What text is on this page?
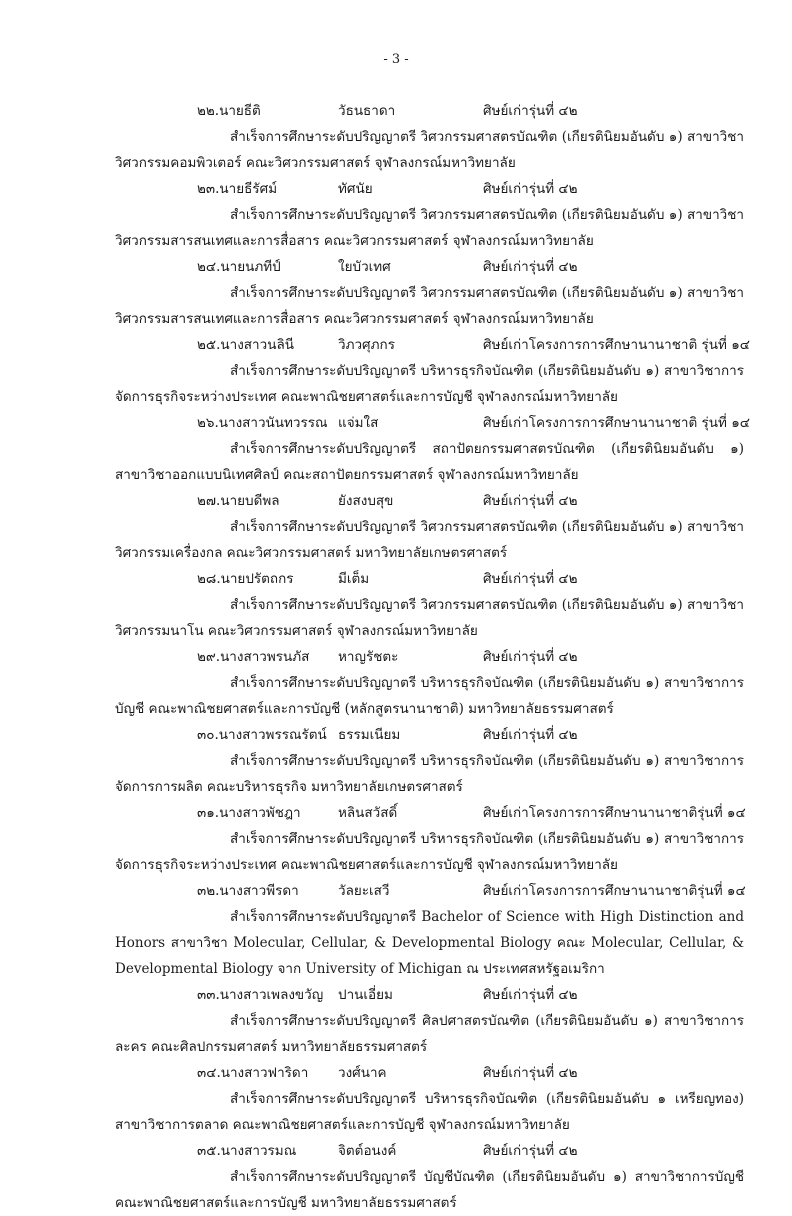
- 3 -
๒๒.นายธีติ	วัธนธาดา	ศิษย์เก่ารุ่นที่ ๔๒

สำเร็จการศึกษาระดับปริญญาตรี วิศวกรรมศาสตรบัณฑิต (เกียรตินิยมอันดับ ๑) สาขาวิชาวิศวกรรมคอมพิวเตอร์ คณะวิศวกรรมศาสตร์ จุฬาลงกรณ์มหาวิทยาลัย

๒๓.นายธีรัศม์	ทัศนัย	ศิษย์เก่ารุ่นที่ ๔๒

สำเร็จการศึกษาระดับปริญญาตรี วิศวกรรมศาสตรบัณฑิต (เกียรตินิยมอันดับ ๑) สาขาวิชาวิศวกรรมสารสนเทศและการสื่อสาร คณะวิศวกรรมศาสตร์ จุฬาลงกรณ์มหาวิทยาลัย

๒๔.นายนภทีป์	ใยบัวเทศ	ศิษย์เก่ารุ่นที่ ๔๒

สำเร็จการศึกษาระดับปริญญาตรี วิศวกรรมศาสตรบัณฑิต (เกียรตินิยมอันดับ ๑) สาขาวิชาวิศวกรรมสารสนเทศและการสื่อสาร คณะวิศวกรรมศาสตร์ จุฬาลงกรณ์มหาวิทยาลัย

๒๕.นางสาวนลินี	วิภวศุภกร	ศิษย์เก่าโครงการการศึกษานานาชาติ รุ่นที่ ๑๔

สำเร็จการศึกษาระดับปริญญาตรี บริหารธุรกิจบัณฑิต (เกียรตินิยมอันดับ ๑) สาขาวิชาการจัดการธุรกิจระหว่างประเทศ คณะพาณิชยศาสตร์และการบัญชี จุฬาลงกรณ์มหาวิทยาลัย

๒๖.นางสาวนันทวรรณ แจ่มใส	ศิษย์เก่าโครงการการศึกษานานาชาติ รุ่นที่ ๑๔

สำเร็จการศึกษาระดับปริญญาตรี สถาปัตยกรรมศาสตรบัณฑิต (เกียรตินิยมอันดับ ๑) สาขาวิชาออกแบบนิเทศศิลป์ คณะสถาปัตยกรรมศาสตร์ จุฬาลงกรณ์มหาวิทยาลัย

๒๗.นายบดีพล	ยังสงบสุข	ศิษย์เก่ารุ่นที่ ๔๒

สำเร็จการศึกษาระดับปริญญาตรี วิศวกรรมศาสตรบัณฑิต (เกียรตินิยมอันดับ ๑) สาขาวิชาวิศวกรรมเครื่องกล คณะวิศวกรรมศาสตร์ มหาวิทยาลัยเกษตรศาสตร์

๒๘.นายปรัตถกร	มีเต็ม	ศิษย์เก่ารุ่นที่ ๔๒

สำเร็จการศึกษาระดับปริญญาตรี วิศวกรรมศาสตรบัณฑิต (เกียรตินิยมอันดับ ๑) สาขาวิชาวิศวกรรมนาโน คณะวิศวกรรมศาสตร์ จุฬาลงกรณ์มหาวิทยาลัย

๒๙.นางสาวพรนภัส หาญรัชตะ	ศิษย์เก่ารุ่นที่ ๔๒

สำเร็จการศึกษาระดับปริญญาตรี บริหารธุรกิจบัณฑิต (เกียรตินิยมอันดับ ๑) สาขาวิชาการบัญชี คณะพาณิชยศาสตร์และการบัญชี (หลักสูตรนานาชาติ) มหาวิทยาลัยธรรมศาสตร์

๓๐.นางสาวพรรณรัตน์ ธรรมเนียม	ศิษย์เก่ารุ่นที่ ๔๒

สำเร็จการศึกษาระดับปริญญาตรี บริหารธุรกิจบัณฑิต (เกียรตินิยมอันดับ ๑) สาขาวิชาการจัดการการผลิต คณะบริหารธุรกิจ มหาวิทยาลัยเกษตรศาสตร์

๓๑.นางสาวพัชฎา	หลินสวัสดิ์	ศิษย์เก่าโครงการการศึกษานานาชาติรุ่นที่ ๑๔

สำเร็จการศึกษาระดับปริญญาตรี บริหารธุรกิจบัณฑิต (เกียรตินิยมอันดับ ๑) สาขาวิชาการจัดการธุรกิจระหว่างประเทศ คณะพาณิชยศาสตร์และการบัญชี จุฬาลงกรณ์มหาวิทยาลัย

๓๒.นางสาวพีรดา	วัลยะเสวี	ศิษย์เก่าโครงการการศึกษานานาชาติรุ่นที่ ๑๔

สำเร็จการศึกษาระดับปริญญาตรี Bachelor of Science with High Distinction and Honors สาขาวิชา Molecular, Cellular, & Developmental Biology คณะ Molecular, Cellular, & Developmental Biology จาก University of Michigan ณ ประเทศสหรัฐอเมริกา

๓๓.นางสาวเพลงขวัญ ปานเอี่ยม	ศิษย์เก่ารุ่นที่ ๔๒

สำเร็จการศึกษาระดับปริญญาตรี ศิลปศาสตรบัณฑิต (เกียรตินิยมอันดับ ๑) สาขาวิชาการละคร คณะศิลปกรรมศาสตร์ มหาวิทยาลัยธรรมศาสตร์

๓๔.นางสาวฟาริดา วงศ์นาค	ศิษย์เก่ารุ่นที่ ๔๒

สำเร็จการศึกษาระดับปริญญาตรี บริหารธุรกิจบัณฑิต (เกียรตินิยมอันดับ ๑ เหรียญทอง) สาขาวิชาการตลาด คณะพาณิชยศาสตร์และการบัญชี จุฬาลงกรณ์มหาวิทยาลัย

๓๕.นางสาวรมณ	จิตต์อนงค์	ศิษย์เก่ารุ่นที่ ๔๒

สำเร็จการศึกษาระดับปริญญาตรี บัญชีบัณฑิต (เกียรตินิยมอันดับ ๑) สาขาวิชาการบัญชีคณะพาณิชยศาสตร์และการบัญชี มหาวิทยาลัยธรรมศาสตร์
